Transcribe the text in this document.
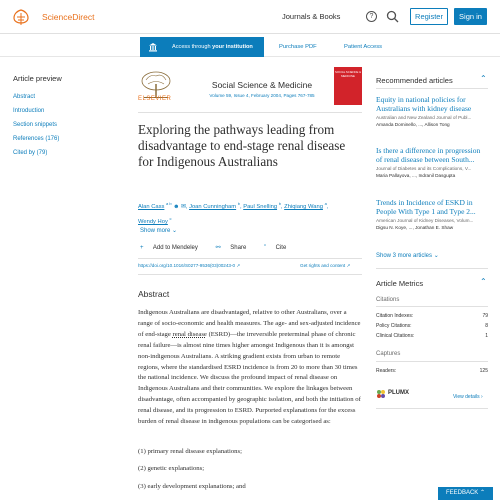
ScienceDirect	Journals & Books	?	Register	Sign in
Access through your institution	Purchase PDF	Patient Access
Article preview
Abstract
Introduction
Section snippets
References (176)
Cited by (79)
ELSEVIER
Social Science & Medicine
Volume 59, Issue 4, February 2004, Pages 767-785
SOCIAL SCIENCE & MEDICINE
Exploring the pathways leading from disadvantage to end-stage renal disease for Indigenous Australians
Alan Cass $^{a b}$ ☻ ✉, Joan Cunningham $^b$, Paul Snelling $^b$, Zhiqiang Wang $^a$,
Wendy Hoy $^c$
Show more ⌄
+ Add to Mendeley	⚯ Share	” Cite
https://doi.org/10.1016/S0277-9536(03)00243-0 ↗	Get rights and content ↗
Abstract

Indigenous Australians are disadvantaged, relative to other Australians, over a range of socio-economic and health measures. The age- and sex-adjusted incidence of end-stage renal disease (ESRD)—the irreversible preterminal phase of chronic renal failure—is almost nine times higher amongst Indigenous than it is amongst non-indigenous Australians. A striking gradient exists from urban to remote regions, where the standardised ESRD incidence is from 20 to more than 30 times the national incidence. We discuss the profound impact of renal disease on Indigenous Australians and their communities. We explore the linkages between disadvantage, often accompanied by geographic isolation, and both the initiation of renal disease, and its progression to ESRD. Purported explanations for the excess burden of renal disease in indigenous populations can be categorised as:

(1) primary renal disease explanations;
(2) genetic explanations;
(3) early development explanations; and
Recommended articles	⌃
Equity in national policies for Australians with kidney disease
Australian and New Zealand Journal of Publ...
Amanda Dominello, ..., Allison Tong
Is there a difference in progression of renal disease between South...
Journal of Diabetes and its Complications, V...
Maria Pallayova, ..., Indranil Dasgupta
Trends in Incidence of ESKD in People With Type 1 and Type 2...
American Journal of Kidney Diseases, Volum...
Digsu N. Koye, ..., Jonathan E. Shaw
Show 3 more articles ⌄
Article Metrics	⌃
Citations
Citation Indexes:	79
Policy Citations:	8
Clinical Citations:	1
Captures
Readers:	125
PLUMX
View details ›
FEEDBACK ⌃
